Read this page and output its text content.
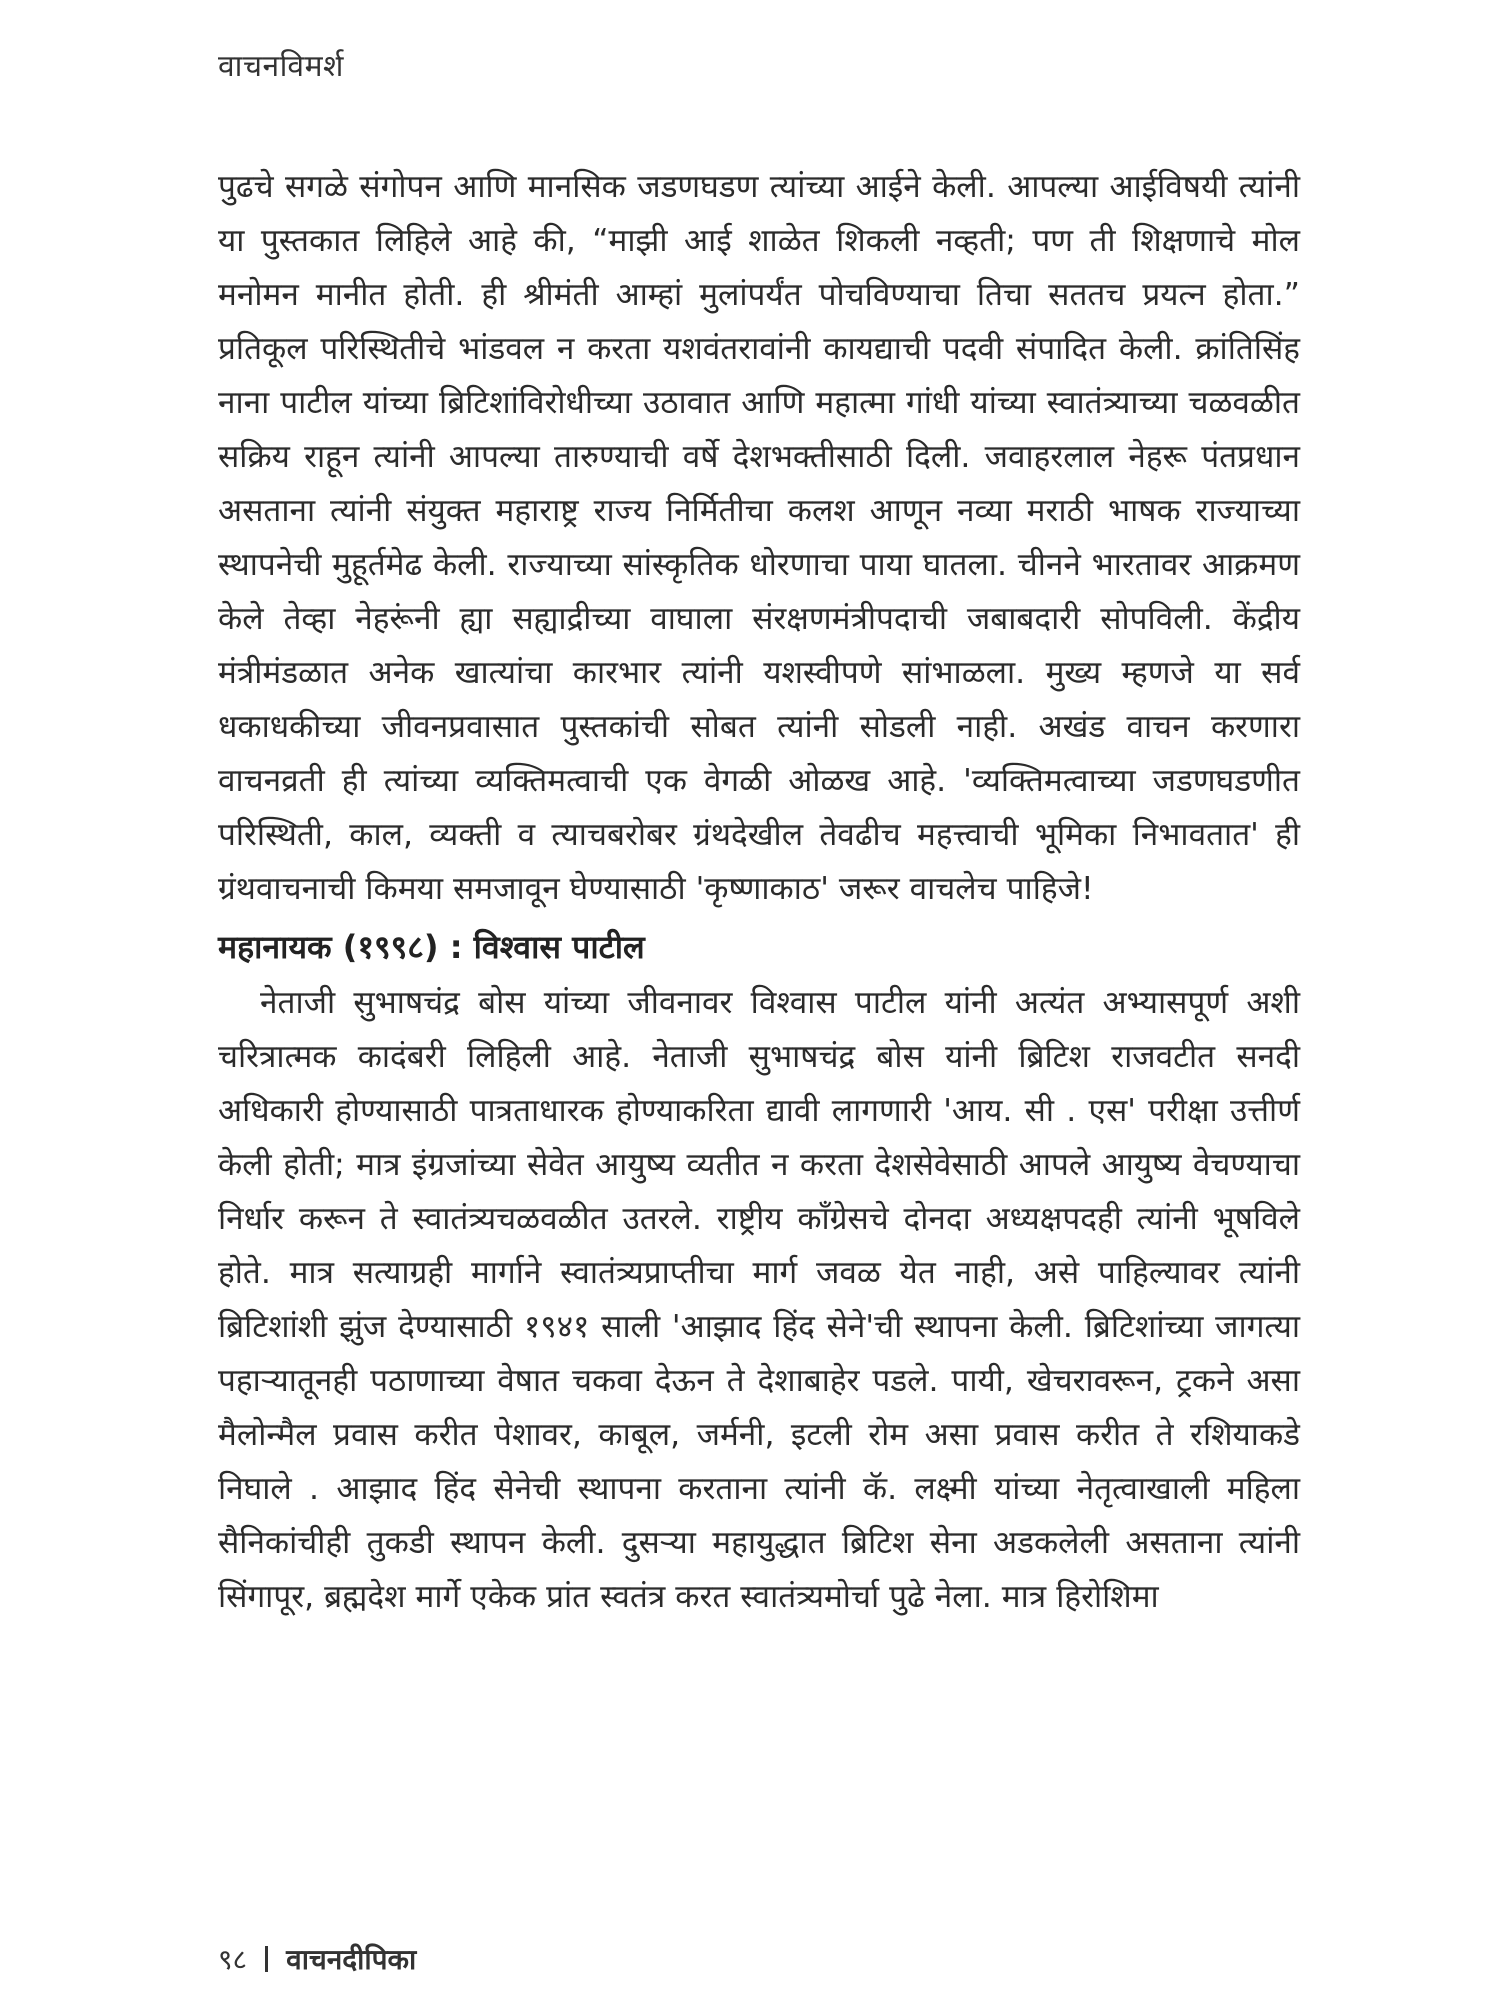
वाचनविमर्श

पुढचे सगळे संगोपन आणि मानसिक जडणघडण त्यांच्या आईने केली. आपल्या आईविषयी त्यांनी या पुस्तकात लिहिले आहे की, “माझी आई शाळेत शिकली नव्हती; पण ती शिक्षणाचे मोल मनोमन मानीत होती. ही श्रीमंती आम्हां मुलांपर्यंत पोचविण्याचा तिचा सततच प्रयत्न होता.” प्रतिकूल परिस्थितीचे भांडवल न करता यशवंतरावांनी कायद्याची पदवी संपादित केली. क्रांतिसिंह नाना पाटील यांच्या ब्रिटिशांविरोधीच्या उठावात आणि महात्मा गांधी यांच्या स्वातंत्र्याच्या चळवळीत सक्रिय राहून त्यांनी आपल्या तारुण्याची वर्षे देशभक्तीसाठी दिली. जवाहरलाल नेहरू पंतप्रधान असताना त्यांनी संयुक्त महाराष्ट्र राज्य निर्मितीचा कलश आणून नव्या मराठी भाषक राज्याच्या स्थापनेची मुहूर्तमेढ केली. राज्याच्या सांस्कृतिक धोरणाचा पाया घातला. चीनने भारतावर आक्रमण केले तेव्हा नेहरूंनी ह्या सह्याद्रीच्या वाघाला संरक्षणमंत्रीपदाची जबाबदारी सोपविली. केंद्रीय मंत्रीमंडळात अनेक खात्यांचा कारभार त्यांनी यशस्वीपणे सांभाळला. मुख्य म्हणजे या सर्व धकाधकीच्या जीवनप्रवासात पुस्तकांची सोबत त्यांनी सोडली नाही. अखंड वाचन करणारा वाचनव्रती ही त्यांच्या व्यक्तिमत्वाची एक वेगळी ओळख आहे. 'व्यक्तिमत्वाच्या जडणघडणीत परिस्थिती, काल, व्यक्ती व त्याचबरोबर ग्रंथदेखील तेवढीच महत्त्वाची भूमिका निभावतात' ही ग्रंथवाचनाची किमया समजावून घेण्यासाठी 'कृष्णाकाठ' जरूर वाचलेच पाहिजे!

महानायक (१९९८) : विश्वास पाटील

नेताजी सुभाषचंद्र बोस यांच्या जीवनावर विश्वास पाटील यांनी अत्यंत अभ्यासपूर्ण अशी चरित्रात्मक कादंबरी लिहिली आहे. नेताजी सुभाषचंद्र बोस यांनी ब्रिटिश राजवटीत सनदी अधिकारी होण्यासाठी पात्रताधारक होण्याकरिता द्यावी लागणारी 'आय. सी . एस' परीक्षा उत्तीर्ण केली होती; मात्र इंग्रजांच्या सेवेत आयुष्य व्यतीत न करता देशसेवेसाठी आपले आयुष्य वेचण्याचा निर्धार करून ते स्वातंत्र्यचळवळीत उतरले. राष्ट्रीय काँग्रेसचे दोनदा अध्यक्षपदही त्यांनी भूषविले होते. मात्र सत्याग्रही मार्गाने स्वातंत्र्यप्राप्तीचा मार्ग जवळ येत नाही, असे पाहिल्यावर त्यांनी ब्रिटिशांशी झुंज देण्यासाठी १९४१ साली 'आझाद हिंद सेने'ची स्थापना केली. ब्रिटिशांच्या जागत्या पहाऱ्यातूनही पठाणाच्या वेषात चकवा देऊन ते देशाबाहेर पडले. पायी, खेचरावरून, ट्रकने असा मैलोन्मैल प्रवास करीत पेशावर, काबूल, जर्मनी, इटली रोम असा प्रवास करीत ते रशियाकडे निघाले . आझाद हिंद सेनेची स्थापना करताना त्यांनी कॅ. लक्ष्मी यांच्या नेतृत्वाखाली महिला सैनिकांचीही तुकडी स्थापन केली. दुसऱ्या महायुद्धात ब्रिटिश सेना अडकलेली असताना त्यांनी सिंगापूर, ब्रह्मदेश मार्गे एकेक प्रांत स्वतंत्र करत स्वातंत्र्यमोर्चा पुढे नेला. मात्र हिरोशिमा

९८ वाचनदीपिका
